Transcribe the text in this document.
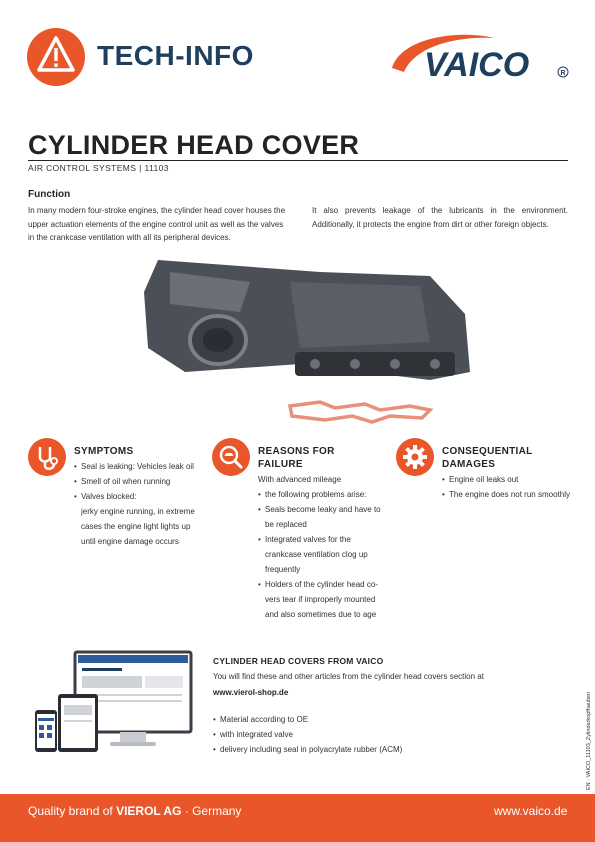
TECH-INFO	VAICO	R
CYLINDER HEAD COVER
AIR CONTROL SYSTEMS | 11103
Function
In many modern four-stroke engines, the cylinder head cover houses the upper actuation elements of the engine control unit as well as the valves in the crankcase ventilation with all its peripheral devices.
It also prevents leakage of the lubricants in the environment. Additionally, it protects the engine from dirt or other foreign objects.
SYMPTOMS
• Seal is leaking: Vehicles leak oil
• Smell of oil when running
• Valves blocked:
jerky engine running, in extreme
cases the engine light lights up
until engine damage occurs
REASONS FOR
FAILURE
With advanced mileage
• the following problems arise:
• Seals become leaky and have to
be replaced
• Integrated valves for the
crankcase ventilation clog up
frequently
• Holders of the cylinder head co-
vers tear if improperly mounted
and also sometimes due to age
CONSEQUENTIAL
DAMAGES
• Engine oil leaks out
• The engine does not run smoothly
CYLINDER HEAD COVERS FROM VAICO
You will find these and other articles from the cylinder head covers section at
www.vierol-shop.de
• Material according to OE
• with integrated valve
• delivery including seal in polyacrylate rubber (ACM)	EN · VAICO_11103_Zylinderkopfhauben
Quality brand of VIEROL AG · Germany	www.vaico.de
